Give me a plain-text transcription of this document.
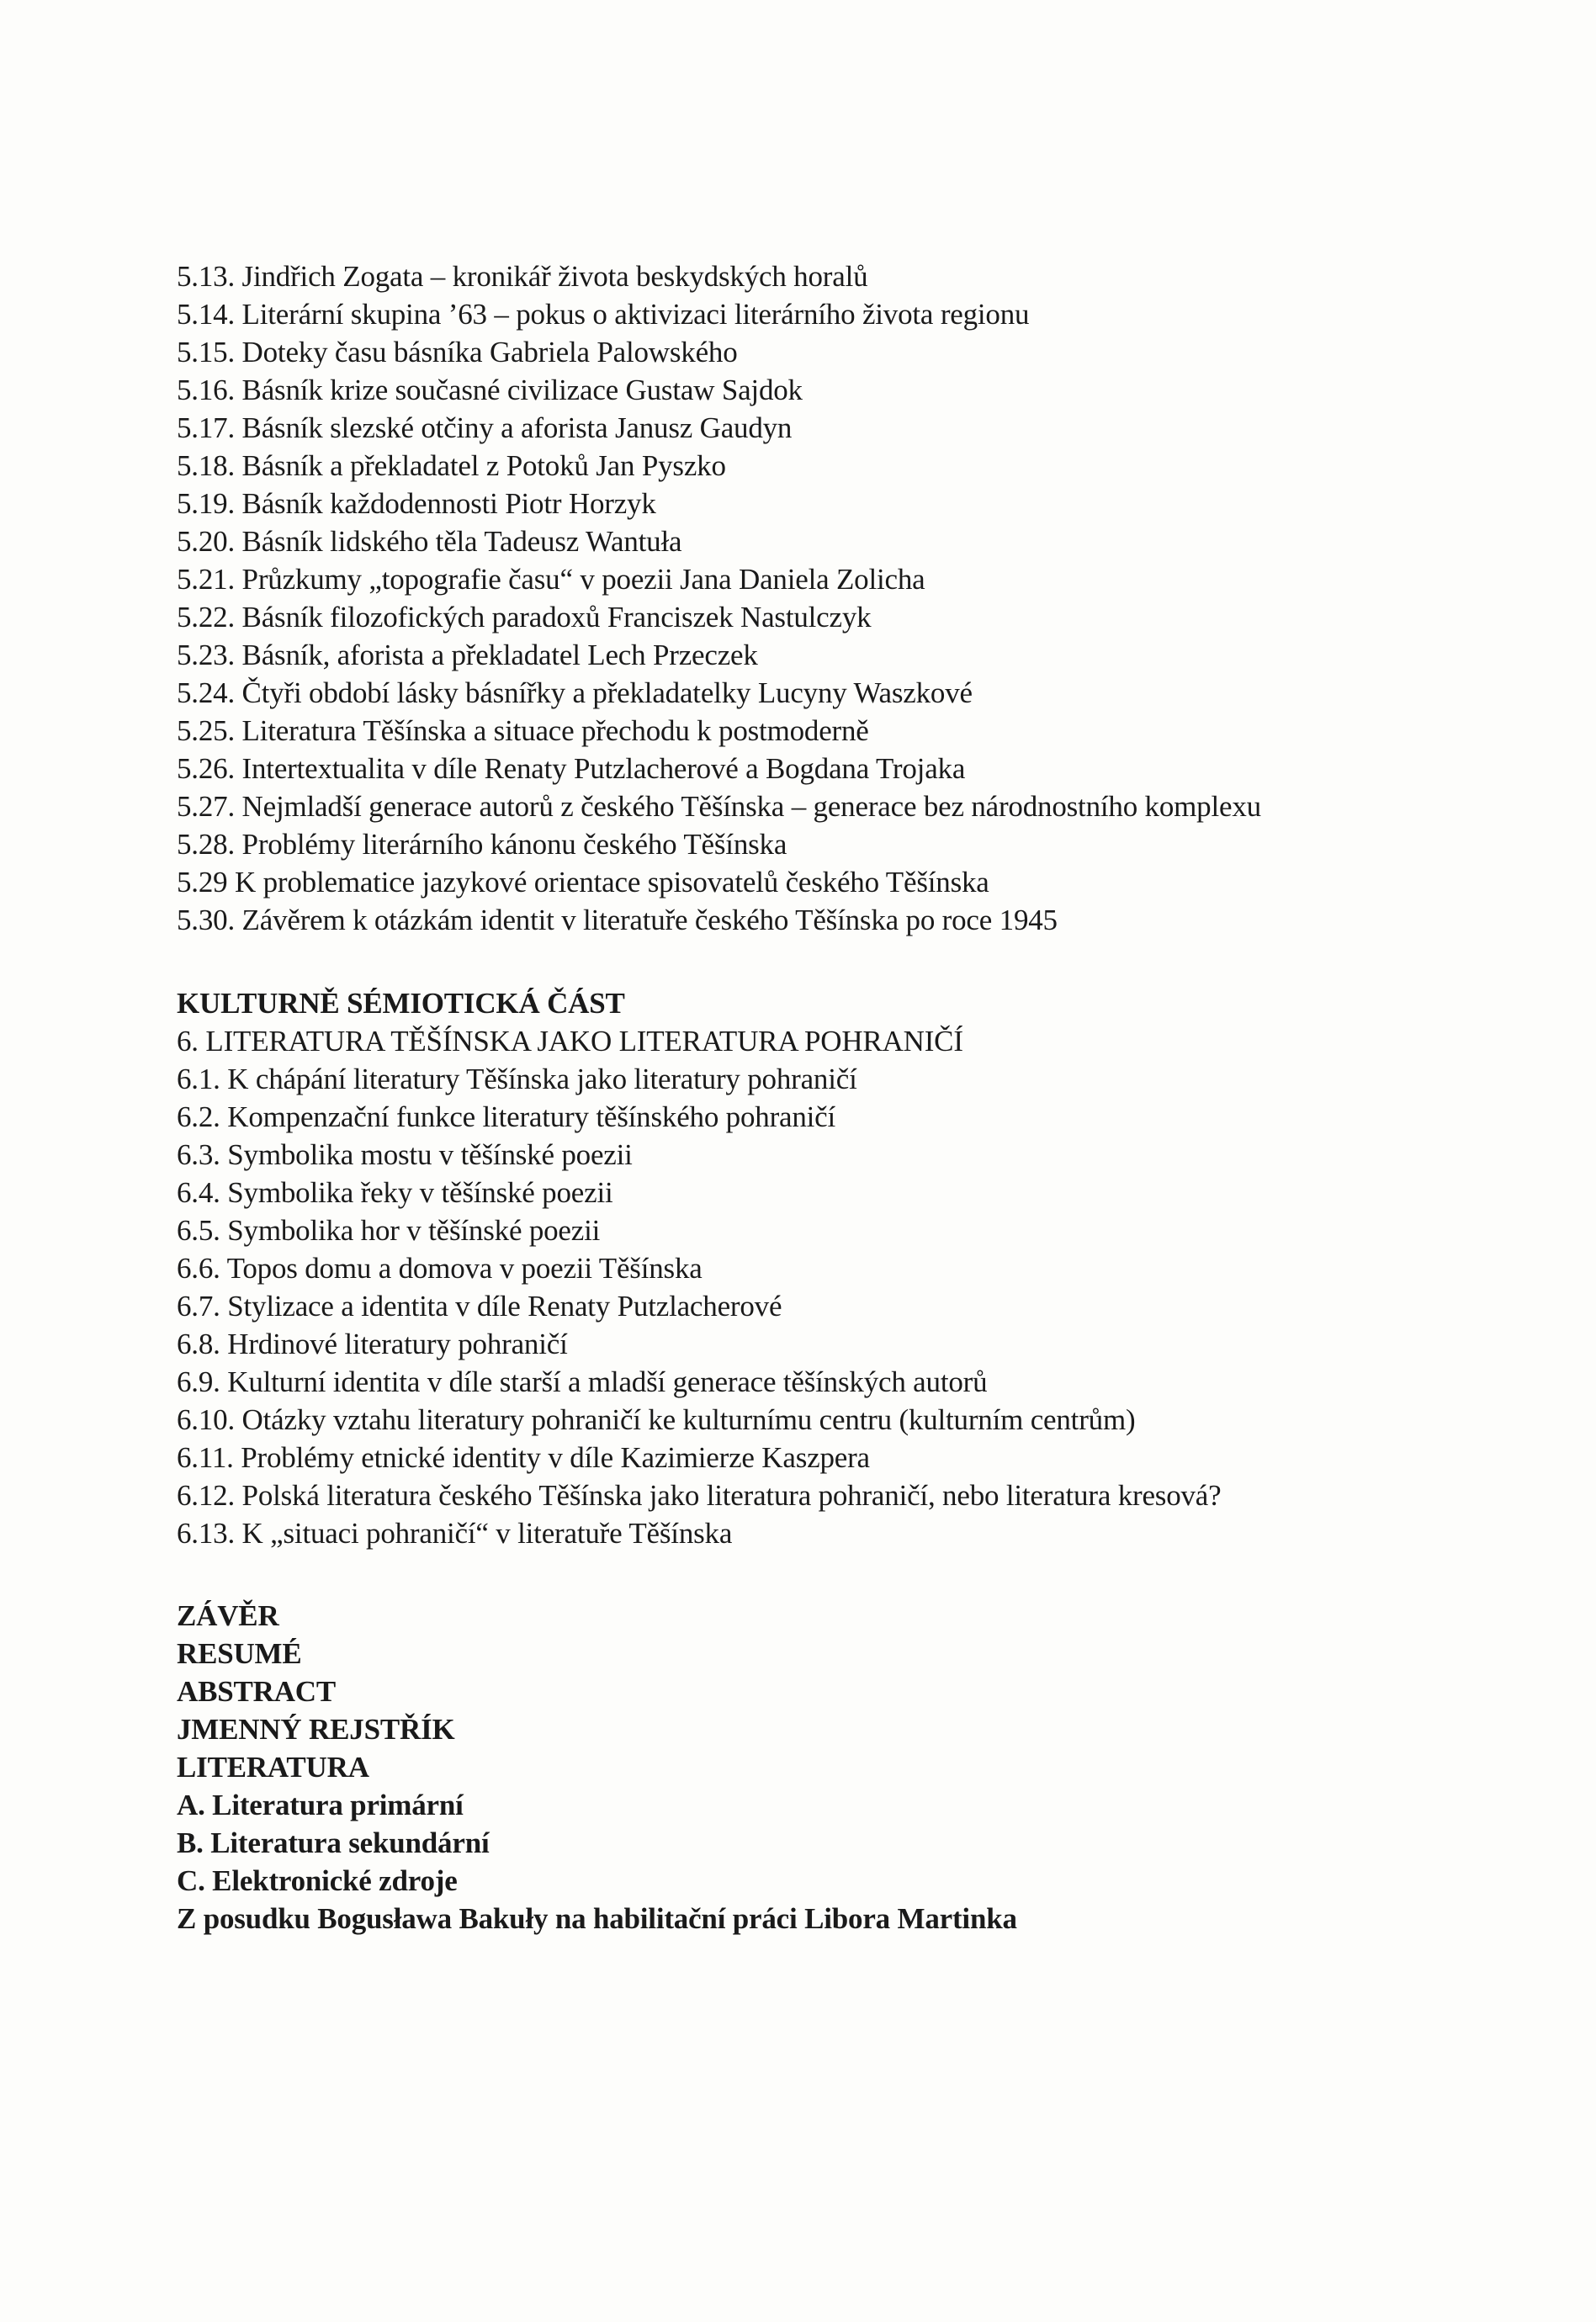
5.13. Jindřich Zogata – kronikář života beskydských horalů
5.14. Literární skupina ’63 – pokus o aktivizaci literárního života regionu
5.15. Doteky času básníka Gabriela Palowského
5.16. Básník krize současné civilizace Gustaw Sajdok
5.17. Básník slezské otčiny a aforista Janusz Gaudyn
5.18. Básník a překladatel z Potoků Jan Pyszko
5.19. Básník každodennosti Piotr Horzyk
5.20. Básník lidského těla Tadeusz Wantuła
5.21. Průzkumy „topografie času“ v poezii Jana Daniela Zolicha
5.22. Básník filozofických paradoxů Franciszek Nastulczyk
5.23. Básník, aforista a překladatel Lech Przeczek
5.24. Čtyři období lásky básnířky a překladatelky Lucyny Waszkové
5.25. Literatura Těšínska a situace přechodu k postmoderně
5.26. Intertextualita v díle Renaty Putzlacherové a Bogdana Trojaka
5.27. Nejmladší generace autorů z českého Těšínska – generace bez národnostního komplexu
5.28. Problémy literárního kánonu českého Těšínska
5.29 K problematice jazykové orientace spisovatelů českého Těšínska
5.30. Závěrem k otázkám identit v literatuře českého Těšínska po roce 1945
KULTURNĚ SÉMIOTICKÁ ČÁST
6. LITERATURA TĚŠÍNSKA JAKO LITERATURA POHRANIČÍ
6.1. K chápání literatury Těšínska jako literatury pohraničí
6.2. Kompenzační funkce literatury těšínského pohraničí
6.3. Symbolika mostu v těšínské poezii
6.4. Symbolika řeky v těšínské poezii
6.5. Symbolika hor v těšínské poezii
6.6. Topos domu a domova v poezii Těšínska
6.7. Stylizace a identita v díle Renaty Putzlacherové
6.8. Hrdinové literatury pohraničí
6.9. Kulturní identita v díle starší a mladší generace těšínských autorů
6.10. Otázky vztahu literatury pohraničí ke kulturnímu centru (kulturním centrům)
6.11. Problémy etnické identity v díle Kazimierze Kaszpera
6.12. Polská literatura českého Těšínska jako literatura pohraničí, nebo literatura kresová?
6.13. K „situaci pohraničí“ v literatuře Těšínska
ZÁVĚR
RESUMÉ
ABSTRACT
JMENNÝ REJSTŘÍK
LITERATURA
A. Literatura primární
B. Literatura sekundární
C. Elektronické zdroje
Z posudku Bogusława Bakuły na habilitační práci Libora Martinka
